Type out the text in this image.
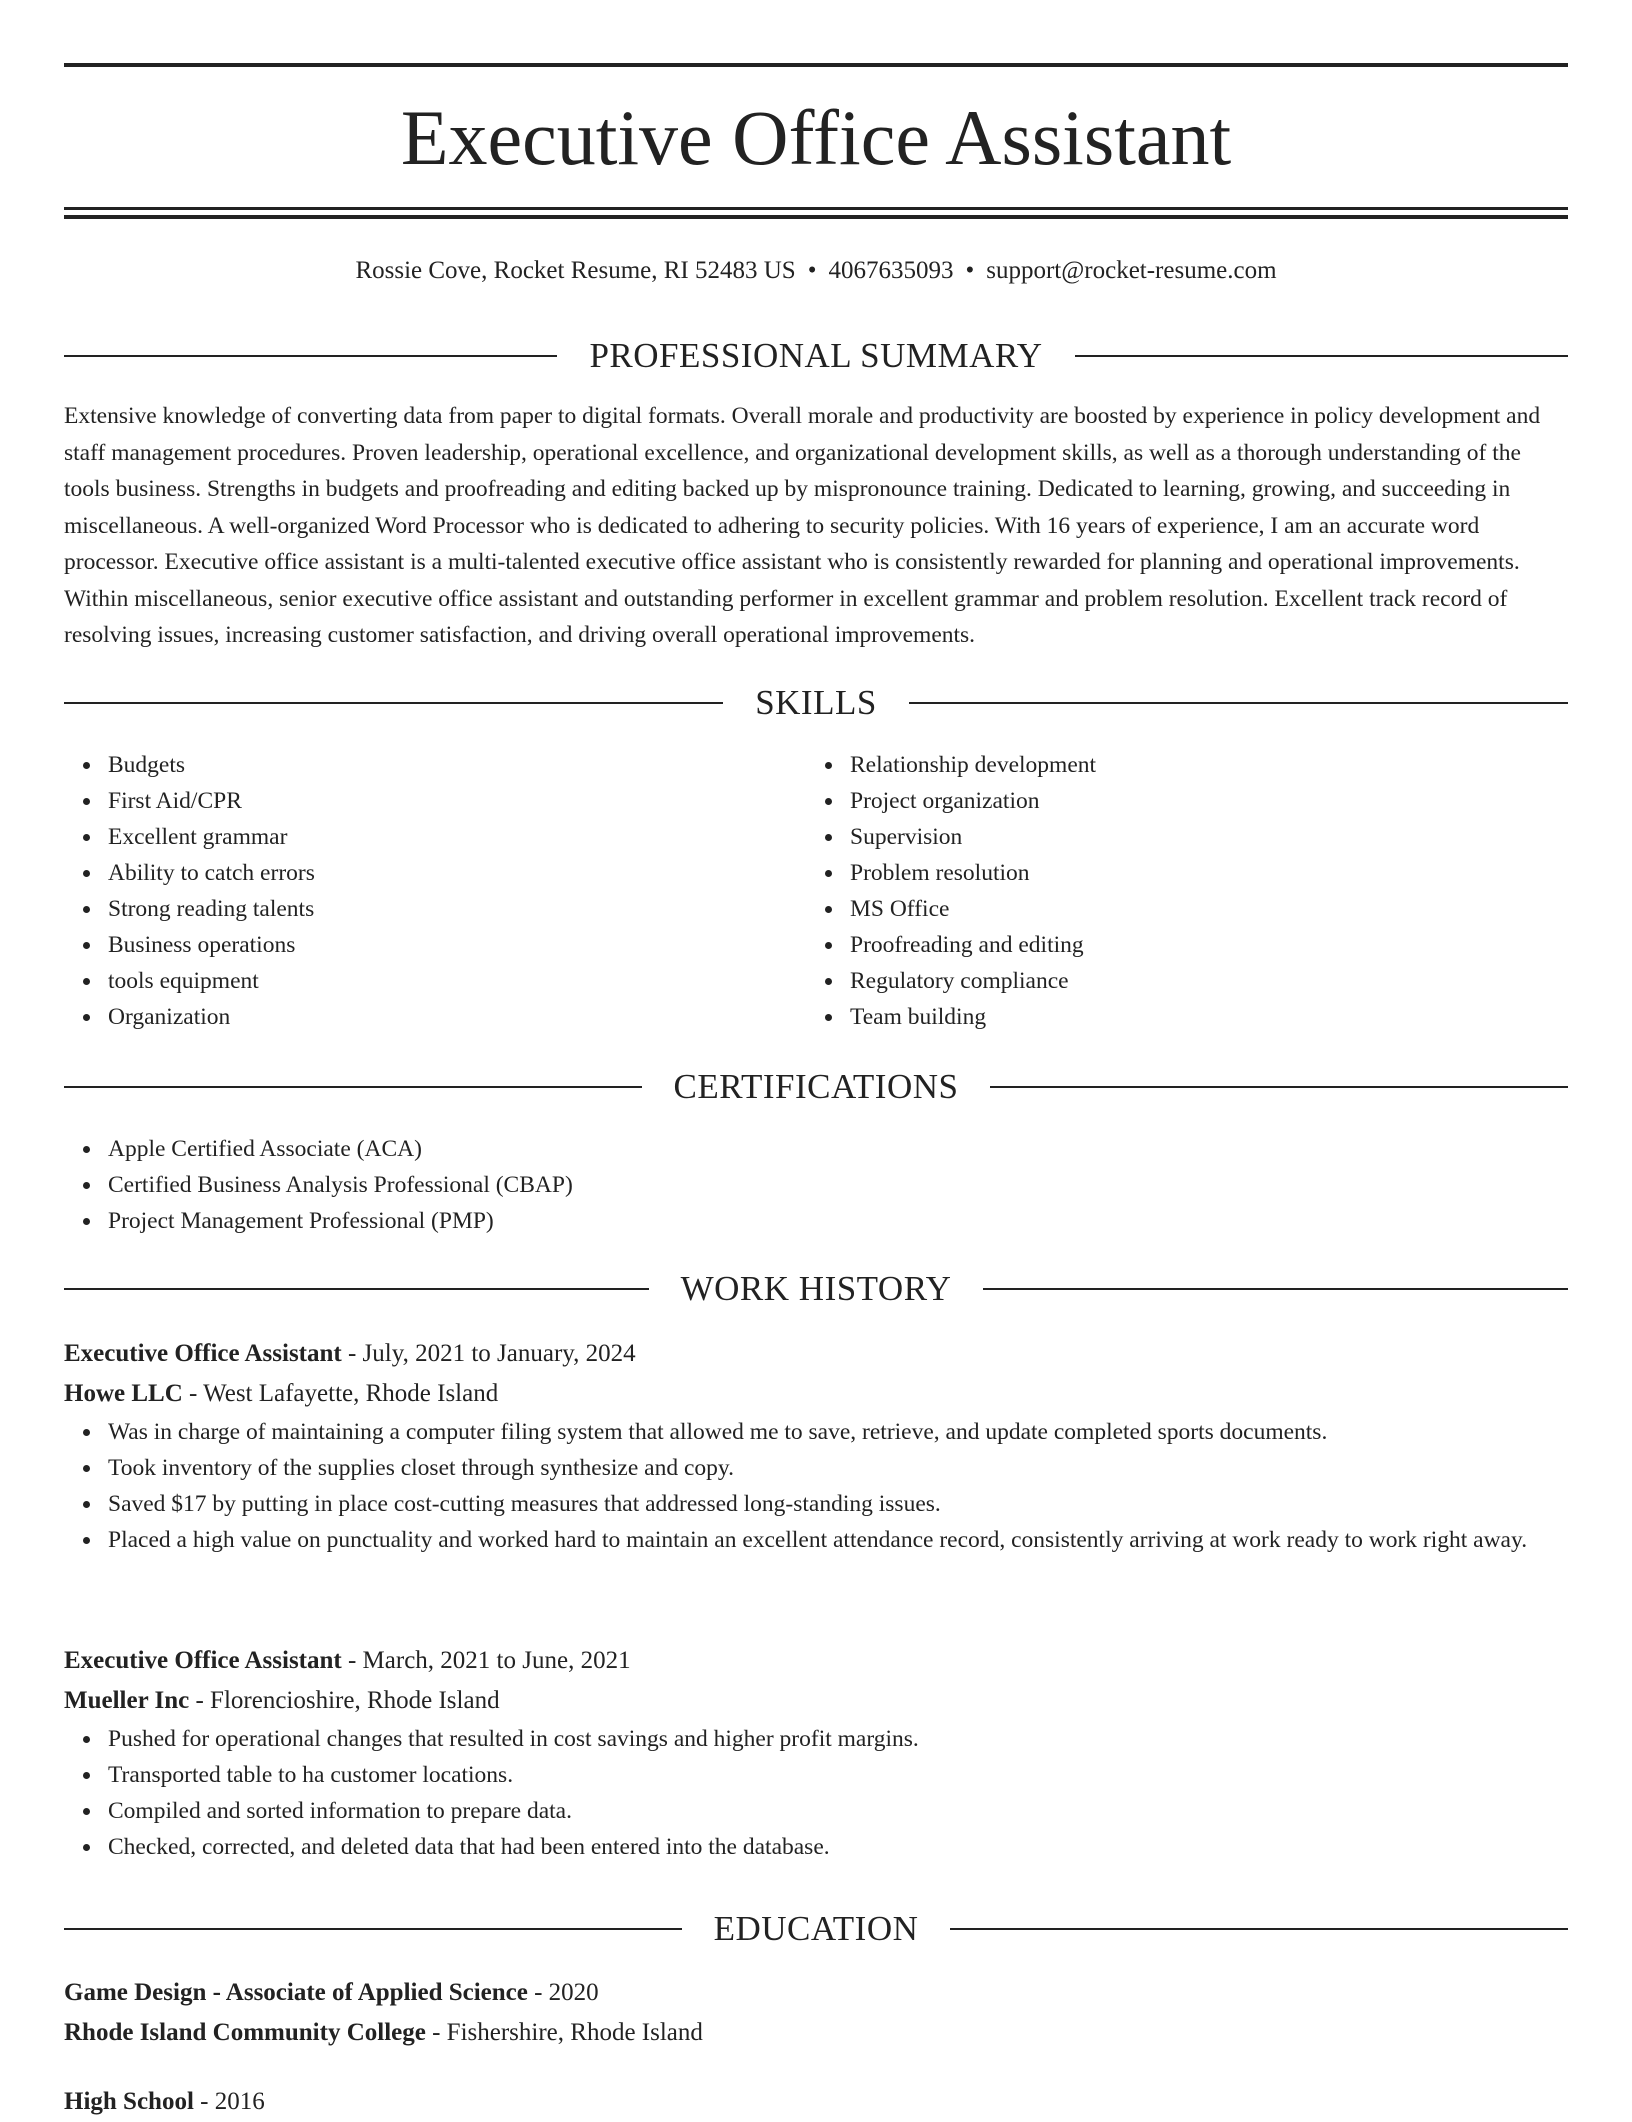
Executive Office Assistant
Rossie Cove, Rocket Resume, RI 52483 US • 4067635093 • support@rocket-resume.com
PROFESSIONAL SUMMARY

Extensive knowledge of converting data from paper to digital formats. Overall morale and productivity are boosted by experience in policy development and staff management procedures. Proven leadership, operational excellence, and organizational development skills, as well as a thorough understanding of the tools business. Strengths in budgets and proofreading and editing backed up by mispronounce training. Dedicated to learning, growing, and succeeding in miscellaneous. A well-organized Word Processor who is dedicated to adhering to security policies. With 16 years of experience, I am an accurate word processor. Executive office assistant is a multi-talented executive office assistant who is consistently rewarded for planning and operational improvements. Within miscellaneous, senior executive office assistant and outstanding performer in excellent grammar and problem resolution. Excellent track record of resolving issues, increasing customer satisfaction, and driving overall operational improvements.

SKILLS
Budgets
First Aid/CPR
Excellent grammar
Ability to catch errors
Strong reading talents
Business operations
tools equipment
Organization
Relationship development
Project organization
Supervision
Problem resolution
MS Office
Proofreading and editing
Regulatory compliance
Team building
CERTIFICATIONS
Apple Certified Associate (ACA)
Certified Business Analysis Professional (CBAP)
Project Management Professional (PMP)
WORK HISTORY
Executive Office Assistant - July, 2021 to January, 2024
Howe LLC - West Lafayette, Rhode Island
Was in charge of maintaining a computer filing system that allowed me to save, retrieve, and update completed sports documents.
Took inventory of the supplies closet through synthesize and copy.
Saved $17 by putting in place cost-cutting measures that addressed long-standing issues.
Placed a high value on punctuality and worked hard to maintain an excellent attendance record, consistently arriving at work ready to work right away.
Executive Office Assistant - March, 2021 to June, 2021
Mueller Inc - Florencioshire, Rhode Island
Pushed for operational changes that resulted in cost savings and higher profit margins.
Transported table to ha customer locations.
Compiled and sorted information to prepare data.
Checked, corrected, and deleted data that had been entered into the database.
EDUCATION
Game Design - Associate of Applied Science - 2020
Rhode Island Community College - Fishershire, Rhode Island
High School - 2016
